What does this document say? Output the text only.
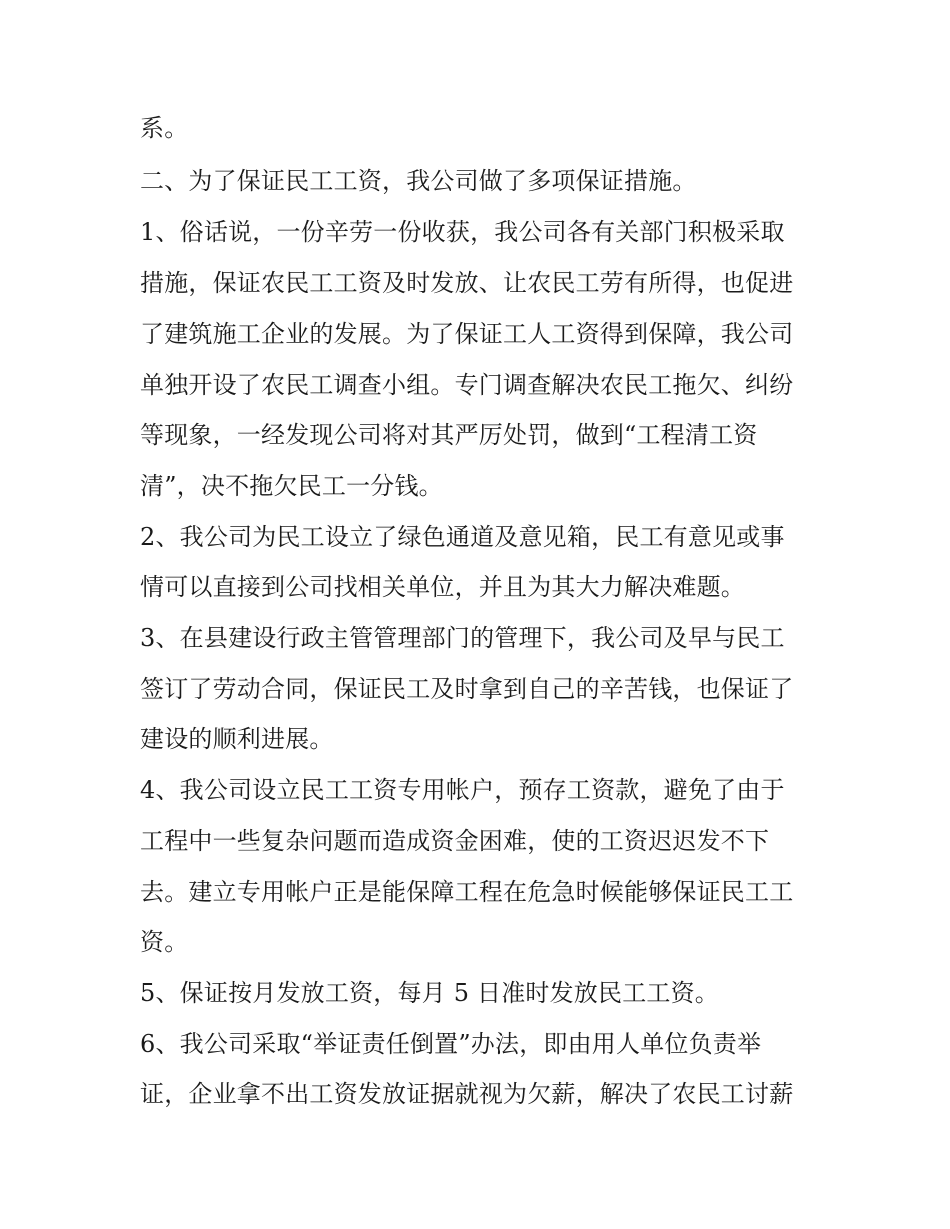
系。
二、为了保证民工工资，我公司做了多项保证措施。
1、俗话说，一份辛劳一份收获，我公司各有关部门积极采取
措施，保证农民工工资及时发放、让农民工劳有所得，也促进
了建筑施工企业的发展。为了保证工人工资得到保障，我公司
单独开设了农民工调查小组。专门调查解决农民工拖欠、纠纷
等现象，一经发现公司将对其严厉处罚，做到“工程清工资
清”，决不拖欠民工一分钱。
2、我公司为民工设立了绿色通道及意见箱，民工有意见或事
情可以直接到公司找相关单位，并且为其大力解决难题。
3、在县建设行政主管管理部门的管理下，我公司及早与民工
签订了劳动合同，保证民工及时拿到自己的辛苦钱，也保证了
建设的顺利进展。
4、我公司设立民工工资专用帐户，预存工资款，避免了由于
工程中一些复杂问题而造成资金困难，使的工资迟迟发不下
去。建立专用帐户正是能保障工程在危急时候能够保证民工工
资。
5、保证按月发放工资，每月 5 日准时发放民工工资。
6、我公司采取“举证责任倒置”办法，即由用人单位负责举
证，企业拿不出工资发放证据就视为欠薪，解决了农民工讨薪
